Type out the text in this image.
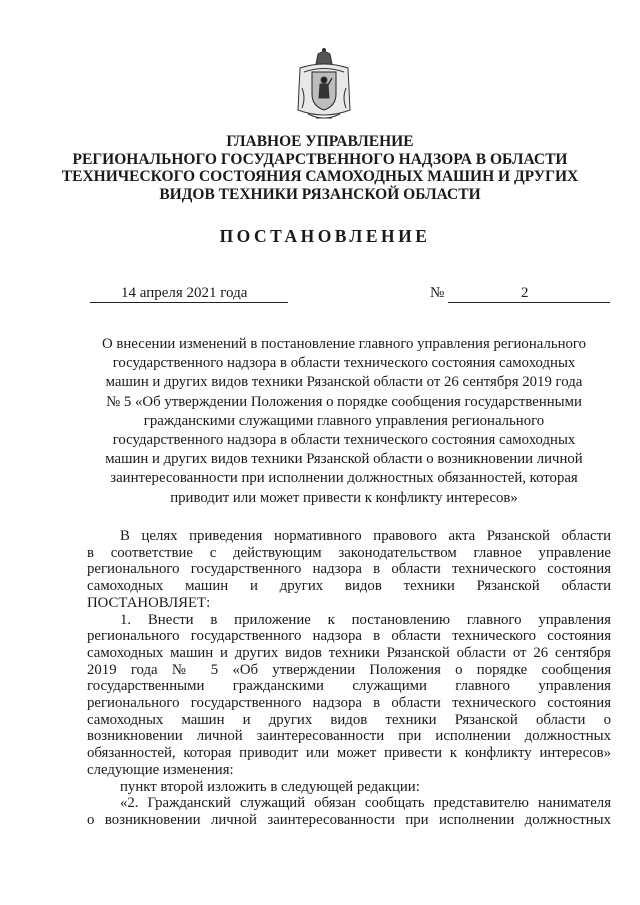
ГЛАВНОЕ УПРАВЛЕНИЕ
РЕГИОНАЛЬНОГО ГОСУДАРСТВЕННОГО НАДЗОРА В ОБЛАСТИ
ТЕХНИЧЕСКОГО СОСТОЯНИЯ САМОХОДНЫХ МАШИН И ДРУГИХ
ВИДОВ ТЕХНИКИ РЯЗАНСКОЙ ОБЛАСТИ
ПОСТАНОВЛЕНИЕ
14 апреля 2021 года	№	2
О внесении изменений в постановление главного управления регионального
государственного надзора в области технического состояния самоходных
машин и других видов техники Рязанской области от 26 сентября 2019 года
№ 5 «Об утверждении Положения о порядке сообщения государственными
гражданскими служащими главного управления регионального
государственного надзора в области технического состояния самоходных
машин и других видов техники Рязанской области о возникновении личной
заинтересованности при исполнении должностных обязанностей, которая
приводит или может привести к конфликту интересов»

В целях приведения нормативного правового акта Рязанской области

в соответствие с действующим законодательством главное управление

регионального государственного надзора в области технического состояния

самоходных машин и других видов техники Рязанской области

ПОСТАНОВЛЯЕТ:

1. Внести в приложение к постановлению главного управления

регионального государственного надзора в области технического состояния

самоходных машин и других видов техники Рязанской области от 26 сентября

2019 года № 5 «Об утверждении Положения о порядке сообщения

государственными гражданскими служащими главного управления

регионального государственного надзора в области технического состояния

самоходных машин и других видов техники Рязанской области о

возникновении личной заинтересованности при исполнении должностных

обязанностей, которая приводит или может привести к конфликту интересов»

следующие изменения:

пункт второй изложить в следующей редакции:

«2. Гражданский служащий обязан сообщать представителю нанимателя

о возникновении личной заинтересованности при исполнении должностных
